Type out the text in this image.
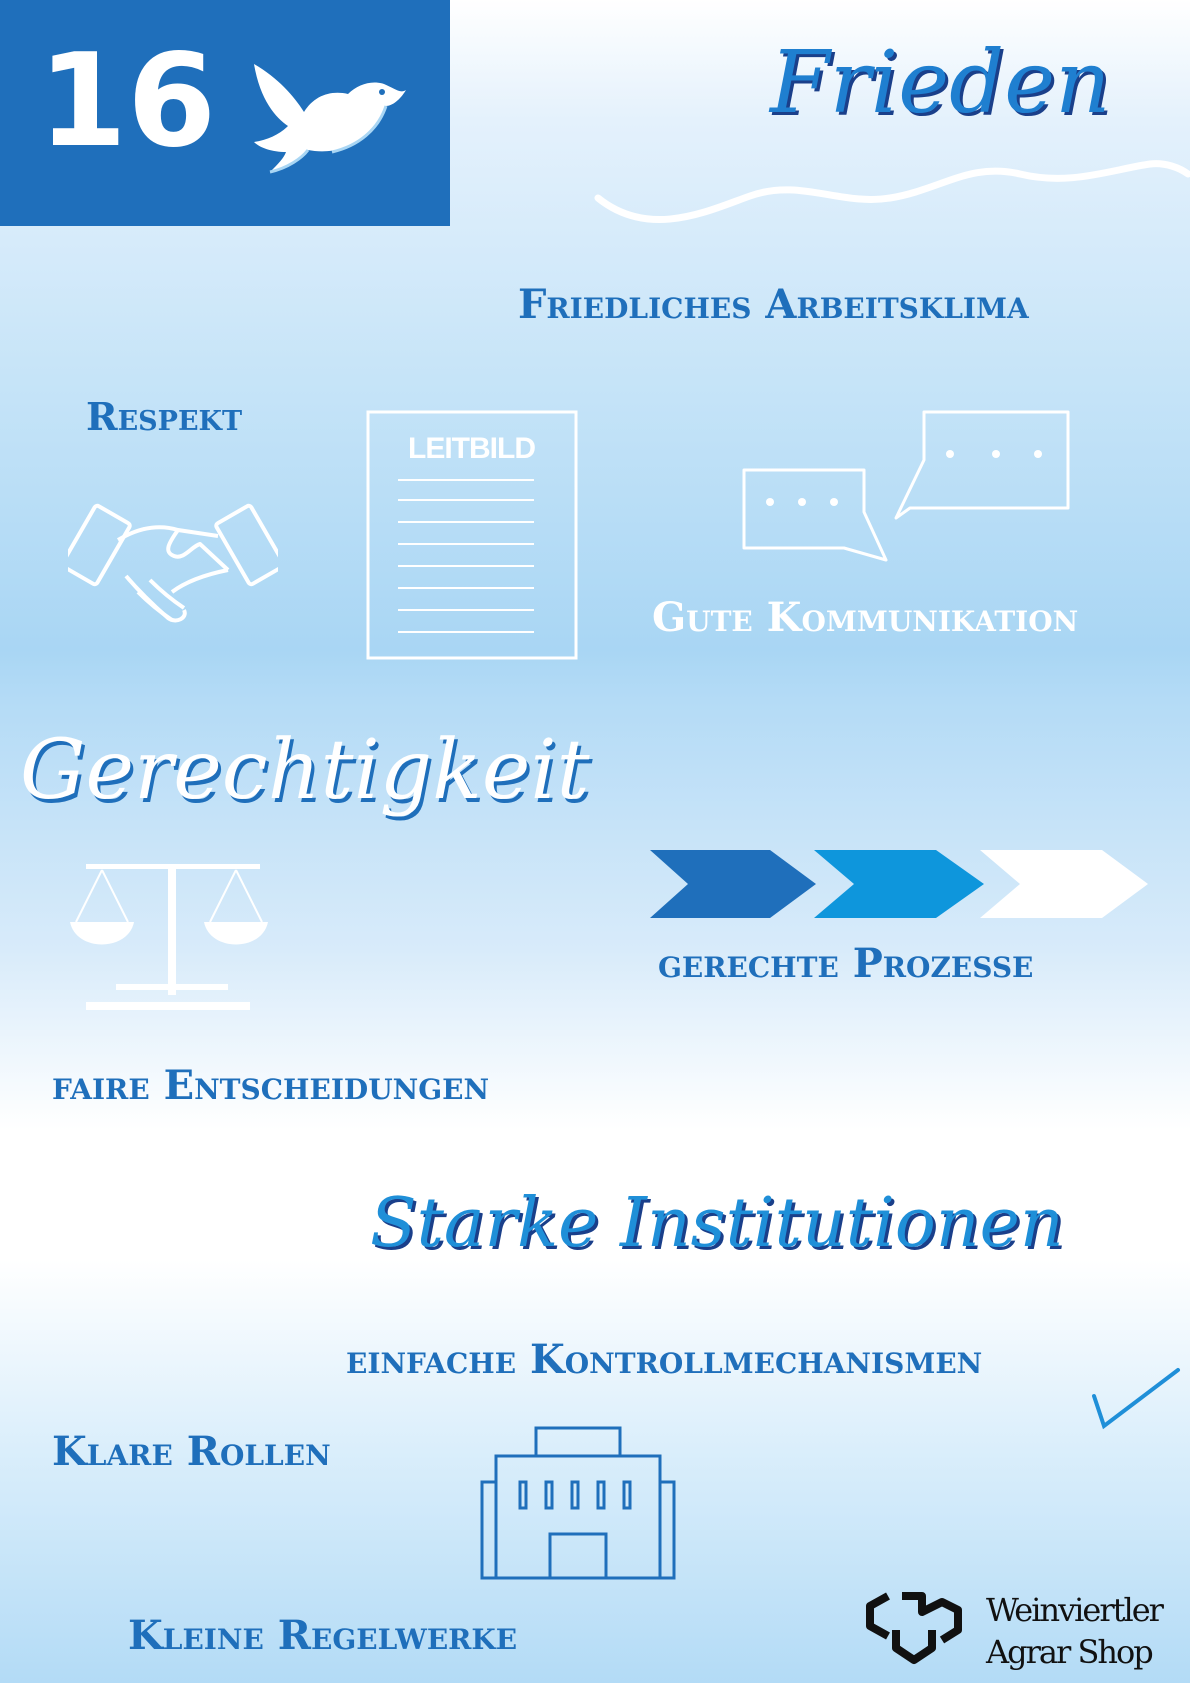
16	Frieden
Friedliches Arbeitsklima
Respekt
LEITBILD
Gute Kommunikation
Gerechtigkeit
gerechte Prozesse
faire Entscheidungen
Starke Institutionen
einfache Kontrollmechanismen
Klare Rollen
Kleine Regelwerke
Weinviertler
Agrar Shop
